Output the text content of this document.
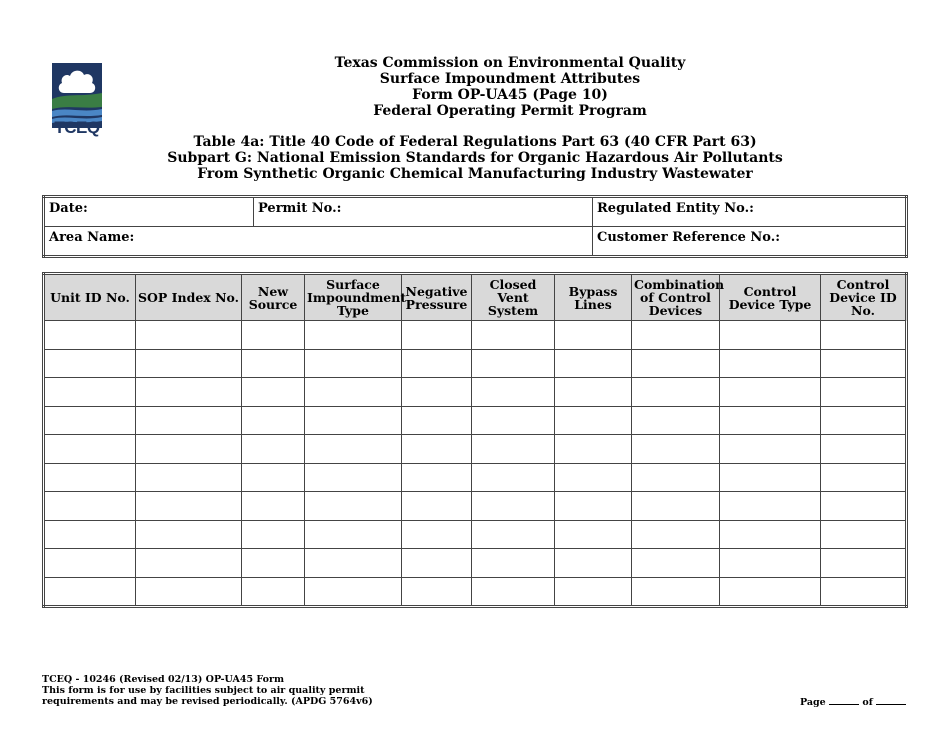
TCEQ
Texas Commission on Environmental Quality
Surface Impoundment Attributes
Form OP-UA45 (Page 10)
Federal Operating Permit Program
Table 4a: Title 40 Code of Federal Regulations Part 63 (40 CFR Part 63)
Subpart G: National Emission Standards for Organic Hazardous Air Pollutants
From Synthetic Organic Chemical Manufacturing Industry Wastewater
Date:	Permit No.:	Regulated Entity No.:
Area Name:		Customer Reference No.:
Unit ID No.	SOP Index No.	New Source	Surface Impoundment Type	Negative Pressure	Closed Vent System	Bypass Lines	Combination of Control Devices	Control Device Type	Control Device ID No.

TCEQ - 10246 (Revised 02/13) OP-UA45 Form
This form is for use by facilities subject to air quality permit
requirements and may be revised periodically. (APDG 5764v6)	Page	of
